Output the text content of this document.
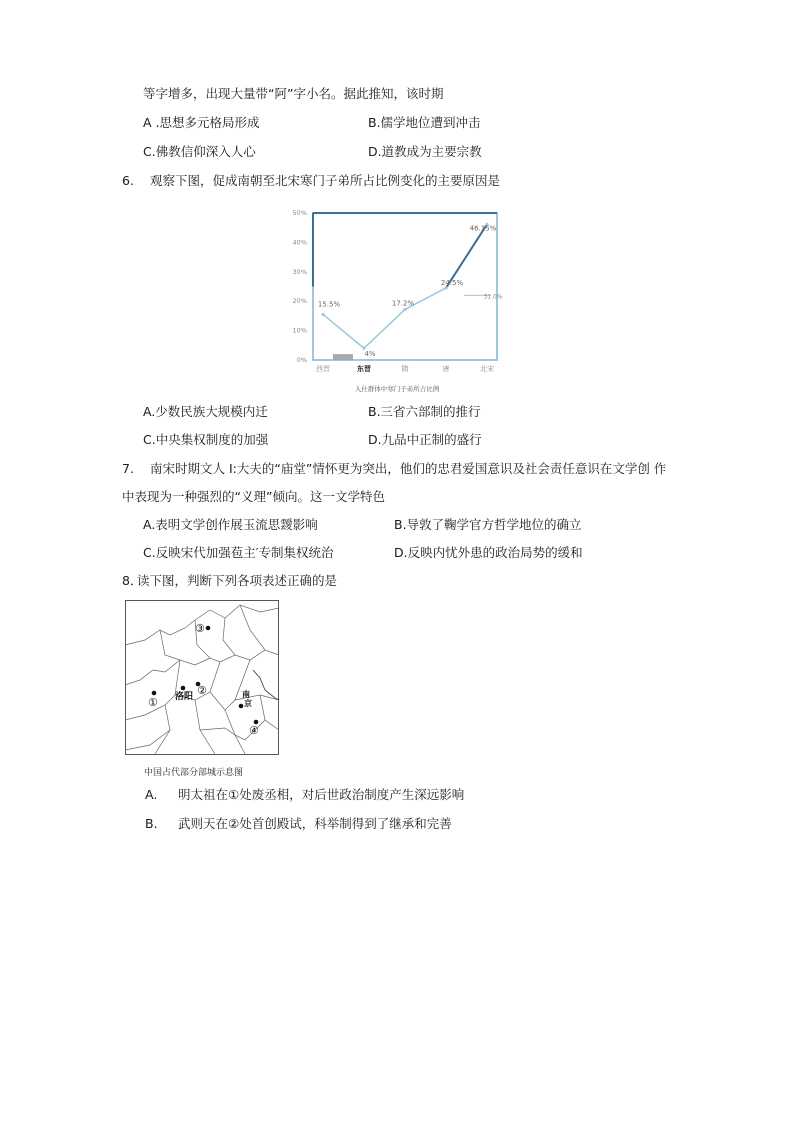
等字增多，出现大量带“阿”字小名。据此推知，该时期
A .思想多元格局形成	B.儒学地位遭到冲击
C.佛教信仰深入人心	D.道教成为主要宗教
6. 观察下图，促成南朝至北宋寒门子弟所占比例变化的主要原因是
0%
10%
20%
30%
40%
50%
西晋	东晋	隋	唐	北宋
15.5%
4%
17.2%
24.5%
46.15%
31.0%
入仕群体中寒门子弟所占比例
A.少数民族大规模内迁	B.三省六部制的推行
C.中央集权制度的加强	D.九品中正制的盛行
7. 南宋时期文人 I:大夫的“庙堂”情怀更为突出，他们的忠君爱国意识及社会责任意识在文学创 作
中表现为一种强烈的“义理”倾向。这一文学特色
A.表明文学创作展玉流思靉影响	B.导敦了鞠学官方哲学地位的确立
C.反映宋代加强苞主′专制集权统治	D.反映内忧外患的政治局势的缓和
8．
读下图，判断下列各项表述正确的是
③
洛阳 ②
①
南
京
④
中国占代部分部城示息图
A. 明太祖在①处废丞相，对后世政治制度产生深远影响
B. 武则天在②处首创殿试，科举制得到了继承和完善
